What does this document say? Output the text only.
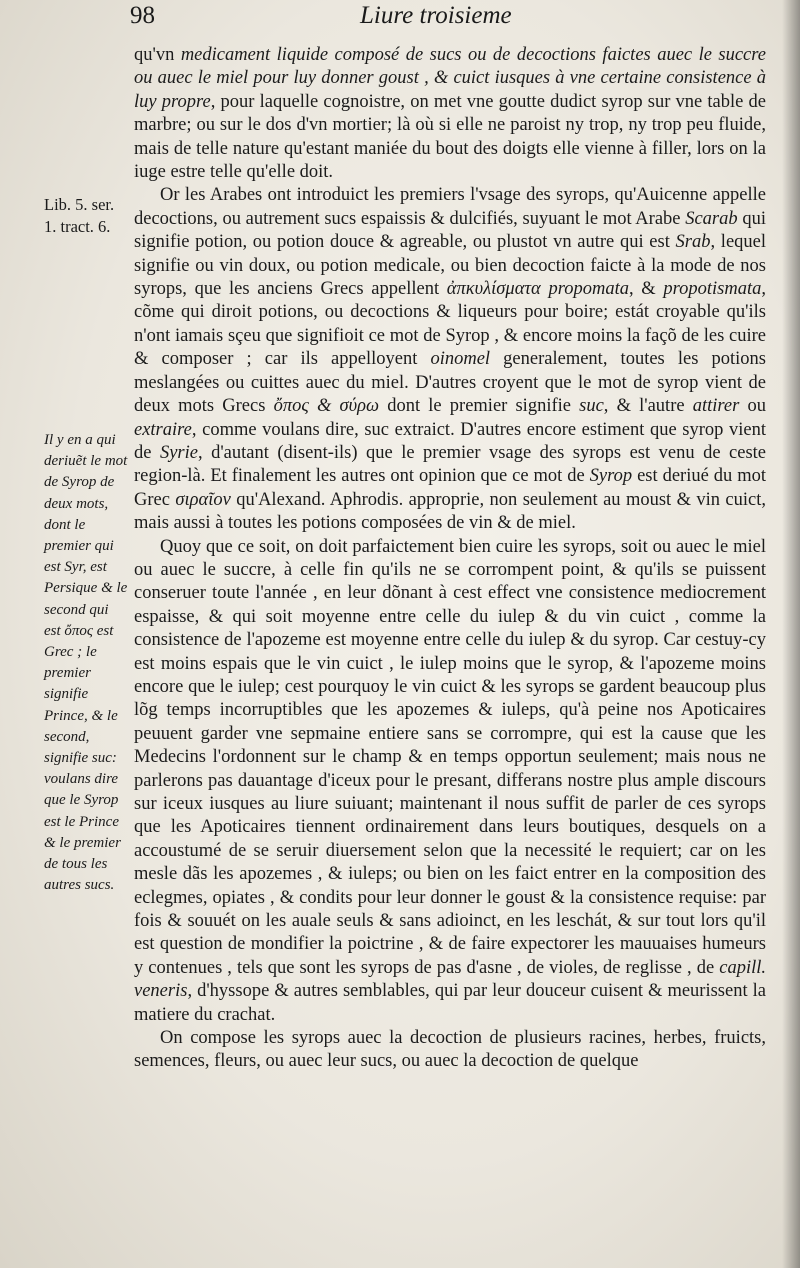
98	Liure troisieme
Lib. 5. ser. 1. tract. 6.
Il y en a qui deriuẽt le mot de Syrop de deux mots, dont le premier qui est Syr, est Persique & le second qui est ὄπος est Grec ; le premier signifie Prince, & le second, signifie suc: voulans dire que le Syrop est le Prince & le premier de tous les autres sucs.

qu'vn medicament liquide composé de sucs ou de decoctions faictes auec le succre ou auec le miel pour luy donner goust , & cuict iusques à vne certaine consistence à luy propre, pour laquelle cognoistre, on met vne goutte dudict syrop sur vne table de marbre; ou sur le dos d'vn mortier; là où si elle ne paroist ny trop, ny trop peu fluide, mais de telle nature qu'estant maniée du bout des doigts elle vienne à filler, lors on la iuge estre telle qu'elle doit.

Or les Arabes ont introduict les premiers l'vsage des syrops, qu'Auicenne appelle decoctions, ou autrement sucs espaissis & dulcifiés, suyuant le mot Arabe Scarab qui signifie potion, ou potion douce & agreable, ou plustot vn autre qui est Srab, lequel signifie ou vin doux, ou potion medicale, ou bien decoction faicte à la mode de nos syrops, que les anciens Grecs appellent ἀπκυλίσματα propomata, & propotismata, cõme qui diroit potions, ou decoctions & liqueurs pour boire; estát croyable qu'ils n'ont iamais sçeu que signifioit ce mot de Syrop , & encore moins la façõ de les cuire & composer ; car ils appelloyent oinomel generalement, toutes les potions meslangées ou cuittes auec du miel. D'autres croyent que le mot de syrop vient de deux mots Grecs ὄπος & σύρω dont le premier signifie suc, & l'autre attirer ou extraire, comme voulans dire, suc extraict. D'autres encore estiment que syrop vient de Syrie, d'autant (disent-ils) que le premier vsage des syrops est venu de ceste region-là. Et finalement les autres ont opinion que ce mot de Syrop est deriué du mot Grec σιραῖον qu'Alexand. Aphrodis. approprie, non seulement au moust & vin cuict, mais aussi à toutes les potions composées de vin & de miel.

Quoy que ce soit, on doit parfaictement bien cuire les syrops, soit ou auec le miel ou auec le succre, à celle fin qu'ils ne se corrompent point, & qu'ils se puissent conseruer toute l'année , en leur dõnant à cest effect vne consistence mediocrement espaisse, & qui soit moyenne entre celle du iulep & du vin cuict , comme la consistence de l'apozeme est moyenne entre celle du iulep & du syrop. Car cestuy-cy est moins espais que le vin cuict , le iulep moins que le syrop, & l'apozeme moins encore que le iulep; cest pourquoy le vin cuict & les syrops se gardent beaucoup plus lõg temps incorruptibles que les apozemes & iuleps, qu'à peine nos Apoticaires peuuent garder vne sepmaine entiere sans se corrompre, qui est la cause que les Medecins l'ordonnent sur le champ & en temps opportun seulement; mais nous ne parlerons pas dauantage d'iceux pour le presant, differans nostre plus ample discours sur iceux iusques au liure suiuant; maintenant il nous suffit de parler de ces syrops que les Apoticaires tiennent ordinairement dans leurs boutiques, desquels on a accoustumé de se seruir diuersement selon que la necessité le requiert; car on les mesle dãs les apozemes , & iuleps; ou bien on les faict entrer en la composition des eclegmes, opiates , & condits pour leur donner le goust & la consistence requise: par fois & souuét on les auale seuls & sans adioinct, en les leschát, & sur tout lors qu'il est question de mondifier la poictrine , & de faire expectorer les mauuaises humeurs y contenues , tels que sont les syrops de pas d'asne , de violes, de reglisse , de capill. veneris, d'hyssope & autres semblables, qui par leur douceur cuisent & meurissent la matiere du crachat.

On compose les syrops auec la decoction de plusieurs racines, herbes, fruicts, semences, fleurs, ou auec leur sucs, ou auec la decoction de quelque
